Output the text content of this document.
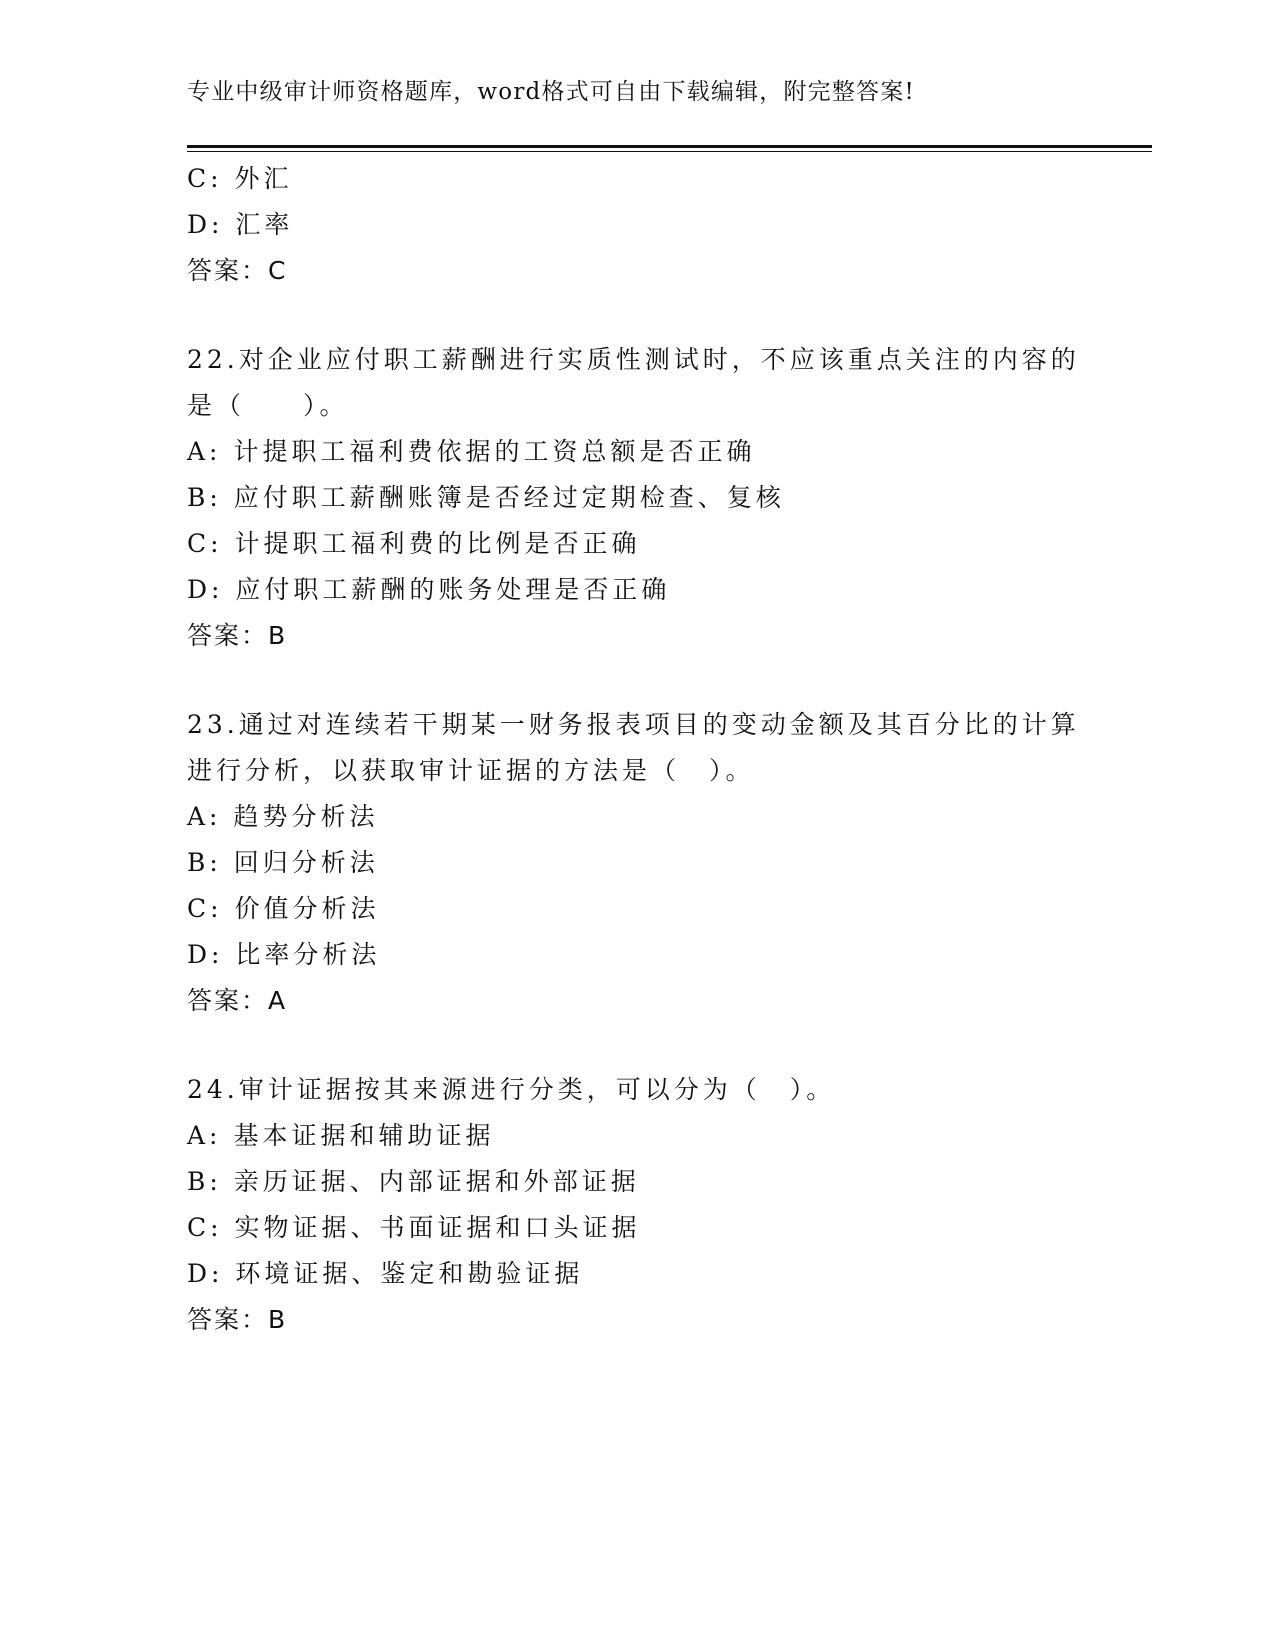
专业中级审计师资格题库，word格式可自由下载编辑，附完整答案!
C: 外汇
D: 汇率
答案：C
22.对企业应付职工薪酬进行实质性测试时，不应该重点关注的内容的
是（　　）。
A: 计提职工福利费依据的工资总额是否正确
B: 应付职工薪酬账簿是否经过定期检查、复核
C: 计提职工福利费的比例是否正确
D: 应付职工薪酬的账务处理是否正确
答案：B
23.通过对连续若干期某一财务报表项目的变动金额及其百分比的计算
进行分析，以获取审计证据的方法是（　）。
A: 趋势分析法
B: 回归分析法
C: 价值分析法
D: 比率分析法
答案：A
24.审计证据按其来源进行分类，可以分为（　）。
A: 基本证据和辅助证据
B: 亲历证据、内部证据和外部证据
C: 实物证据、书面证据和口头证据
D: 环境证据、鉴定和勘验证据
答案：B
